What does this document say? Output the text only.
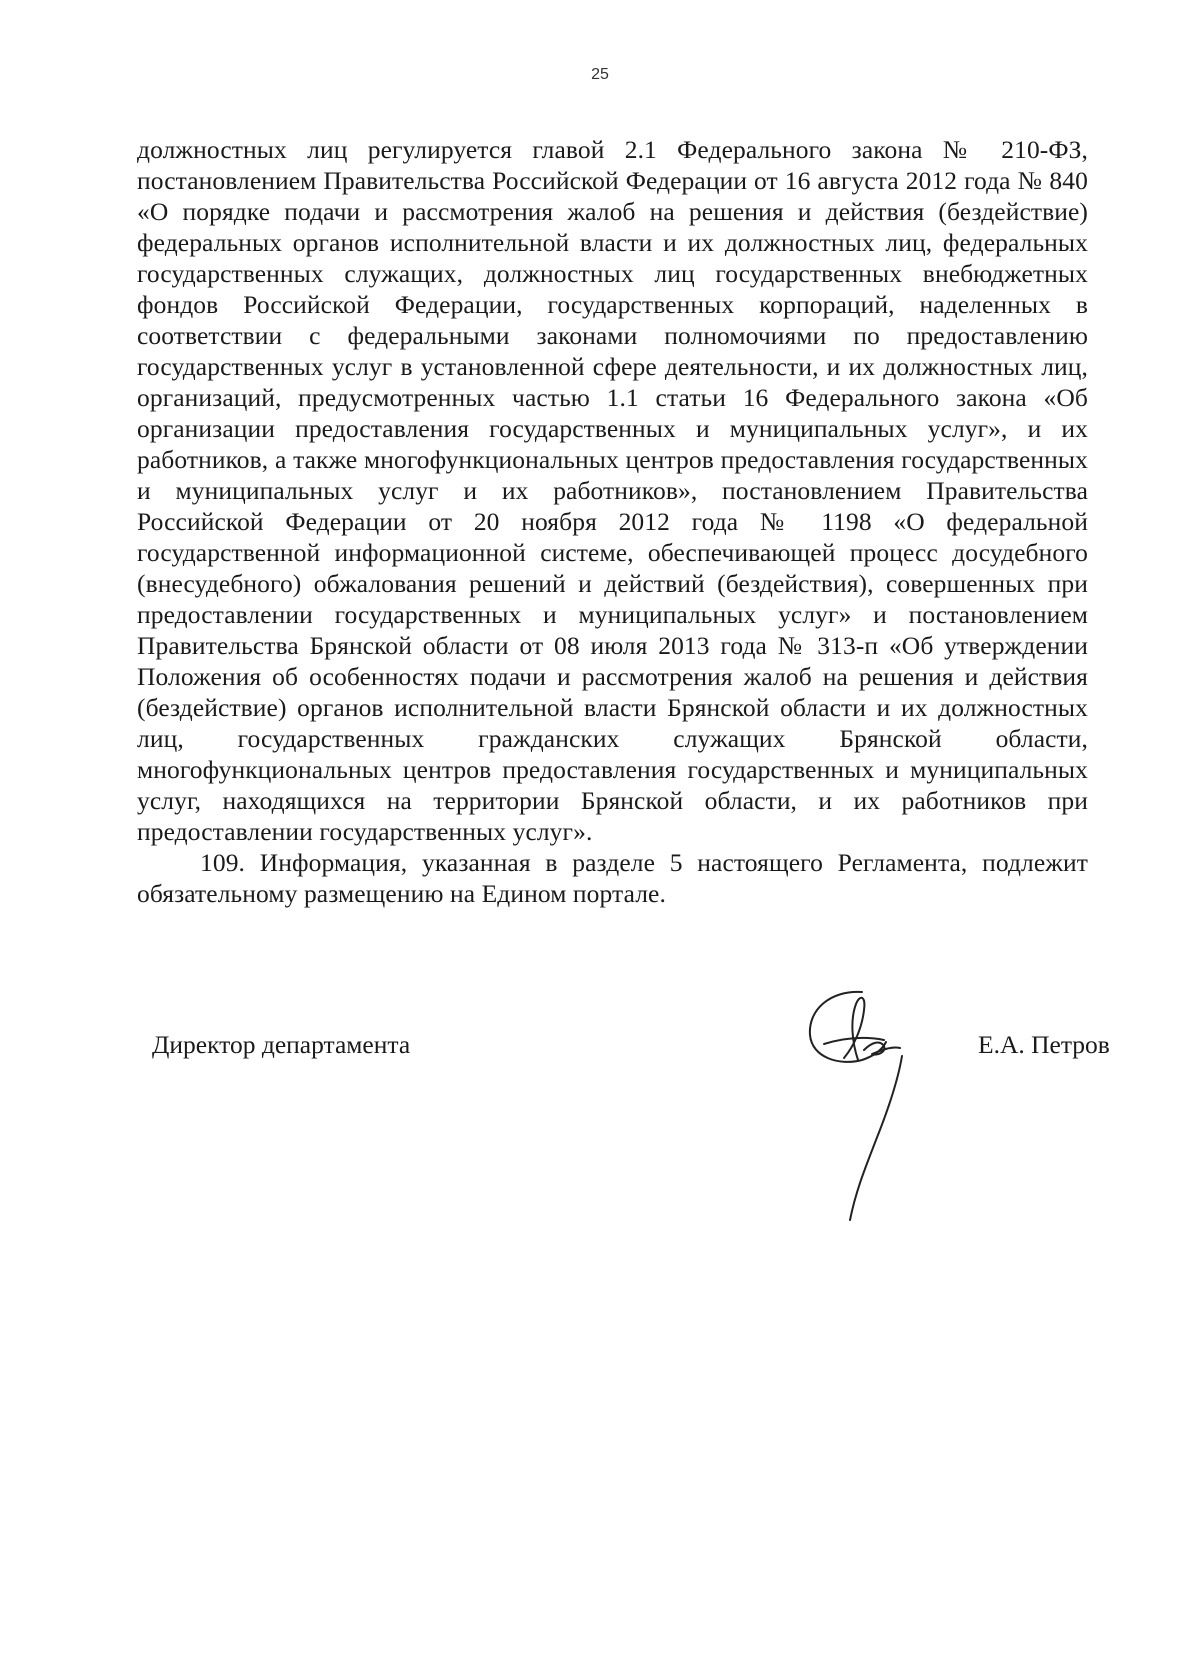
25

должностных лиц регулируется главой 2.1 Федерального закона № 210-ФЗ, постановлением Правительства Российской Федерации от 16 августа 2012 года № 840 «О порядке подачи и рассмотрения жалоб на решения и действия (бездействие) федеральных органов исполнительной власти и их должностных лиц, федеральных государственных служащих, должностных лиц государственных внебюджетных фондов Российской Федерации, государственных корпораций, наделенных в соответствии с федеральными законами полномочиями по предоставлению государственных услуг в установленной сфере деятельности, и их должностных лиц, организаций, предусмотренных частью 1.1 статьи 16 Федерального закона «Об организации предоставления государственных и муниципальных услуг», и их работников, а также многофункциональных центров предоставления государственных и муниципальных услуг и их работников», постановлением Правительства Российской Федерации от 20 ноября 2012 года № 1198 «О федеральной государственной информационной системе, обеспечивающей процесс досудебного (внесудебного) обжалования решений и действий (бездействия), совершенных при предоставлении государственных и муниципальных услуг» и постановлением Правительства Брянской области от 08 июля 2013 года № 313-п «Об утверждении Положения об особенностях подачи и рассмотрения жалоб на решения и действия (бездействие) органов исполнительной власти Брянской области и их должностных лиц, государственных гражданских служащих Брянской области, многофункциональных центров предоставления государственных и муниципальных услуг, находящихся на территории Брянской области, и их работников при предоставлении государственных услуг».

109. Информация, указанная в разделе 5 настоящего Регламента, подлежит обязательному размещению на Едином портале.

Директор департамента	Е.А. Петров
